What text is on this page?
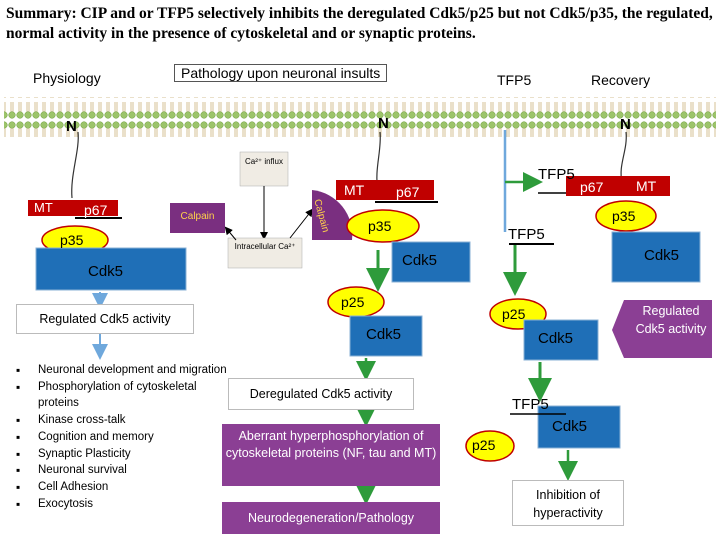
Summary: CIP and or TFP5 selectively inhibits the deregulated Cdk5/p25 but not Cdk5/p35, the regulated, normal activity in the presence of cytoskeletal and or synaptic proteins.
Physiology	Pathology upon neuronal insults	TFP5	Recovery
N	N	N
MT p67
p35
Cdk5
Regulated Cdk5 activity
▪ Neuronal development and migration
▪ Phosphorylation of cytoskeletal proteins
▪ Kinase cross-talk
▪ Cognition and memory
▪ Synaptic Plasticity
▪ Neuronal survival
▪ Cell Adhesion
▪ Exocytosis
Ca²⁺ influx
Intracellular Ca²⁺
Calpain	Calpain
MT p67
p35
Cdk5
p25
Cdk5
Deregulated Cdk5 activity
Aberrant hyperphosphorylation of cytoskeletal proteins (NF, tau and MT)
Neurodegeneration/Pathology
TFP5
p25
Cdk5
TFP5
Cdk5
p25
Inhibition of hyperactivity
TFP5
p67 MT
p35
Cdk5
Regulated Cdk5 activity
